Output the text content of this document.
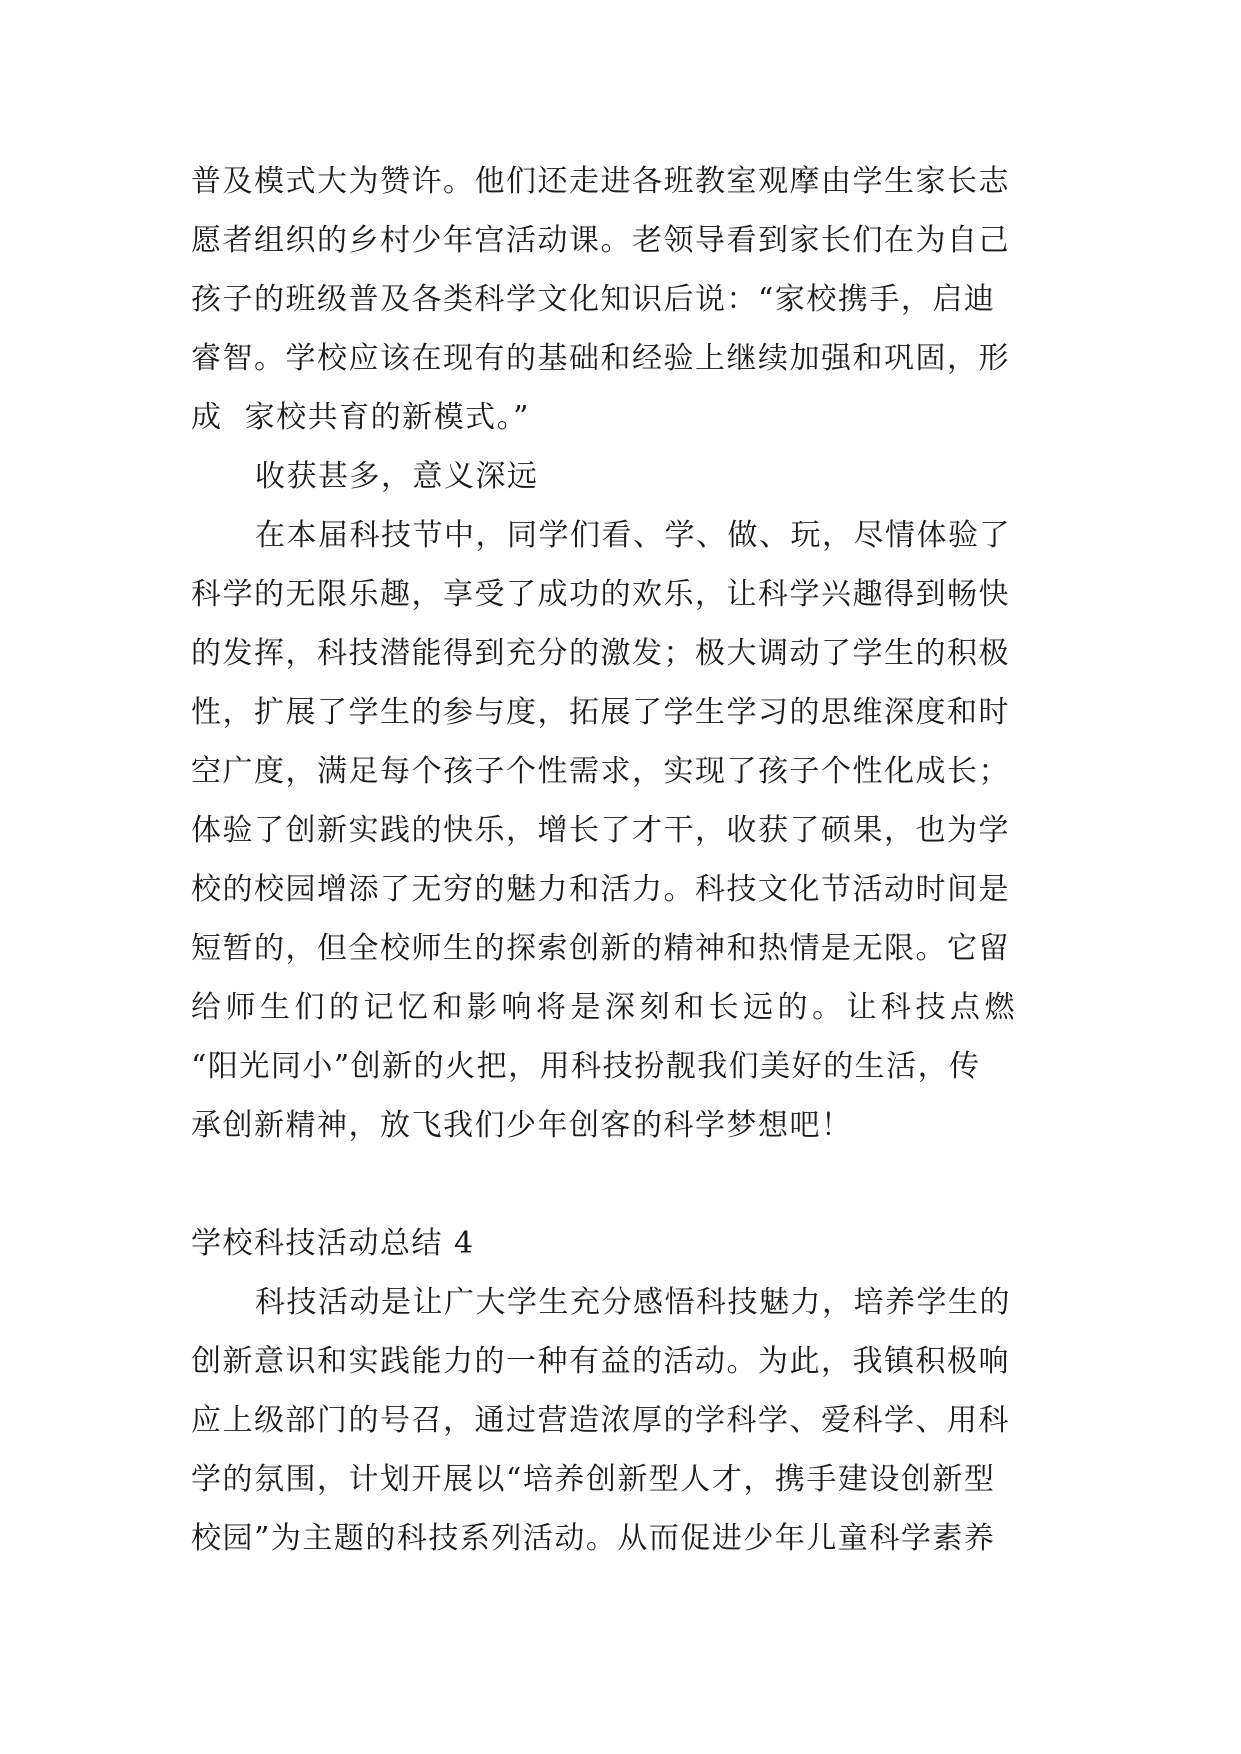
普及模式大为赞许。他们还走进各班教室观摩由学生家长志
愿者组织的乡村少年宫活动课。老领导看到家长们在为自己
孩子的班级普及各类科学文化知识后说：“家校携手，启迪
睿智。学校应该在现有的基础和经验上继续加强和巩固，形
成  家校共育的新模式。”
收获甚多，意义深远
在本届科技节中，同学们看、学、做、玩，尽情体验了
科学的无限乐趣，享受了成功的欢乐，让科学兴趣得到畅快
的发挥，科技潜能得到充分的激发；极大调动了学生的积极
性，扩展了学生的参与度，拓展了学生学习的思维深度和时
空广度，满足每个孩子个性需求，实现了孩子个性化成长；
体验了创新实践的快乐，增长了才干，收获了硕果，也为学
校的校园增添了无穷的魅力和活力。科技文化节活动时间是
短暂的，但全校师生的探索创新的精神和热情是无限。它留
给师生们的记忆和影响将是深刻和长远的。让科技点燃
“阳光同小”创新的火把，用科技扮靓我们美好的生活，传
承创新精神，放飞我们少年创客的科学梦想吧！
学校科技活动总结 4
科技活动是让广大学生充分感悟科技魅力，培养学生的
创新意识和实践能力的一种有益的活动。为此，我镇积极响
应上级部门的号召，通过营造浓厚的学科学、爱科学、用科
学的氛围，计划开展以“培养创新型人才，携手建设创新型
校园”为主题的科技系列活动。从而促进少年儿童科学素养
